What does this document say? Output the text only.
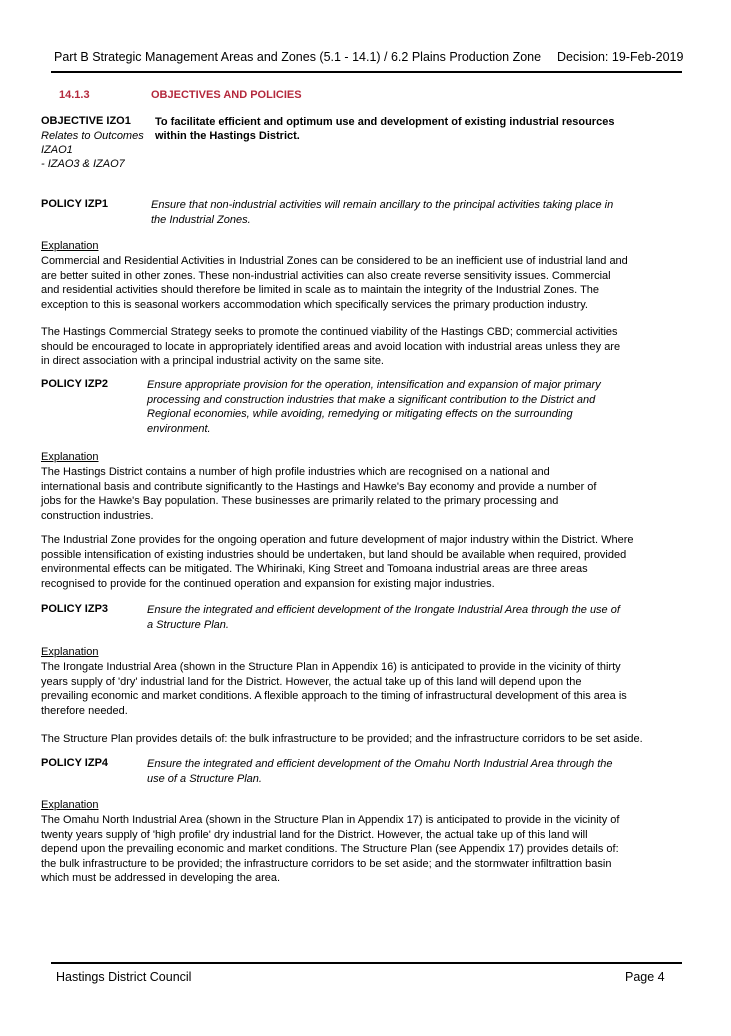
Part B Strategic Management Areas and Zones (5.1 - 14.1) / 6.2 Plains Production Zone Decision: 19-Feb-2019
14.1.3	OBJECTIVES AND POLICIES
OBJECTIVE IZO1 To facilitate efficient and optimum use and development of existing industrial resources
within the Hastings District.
Relates to Outcomes
IZAO1
- IZAO3 & IZAO7
POLICY IZP1	Ensure that non-industrial activities will remain ancillary to the principal activities taking place in
the Industrial Zones.
Explanation
Commercial and Residential Activities in Industrial Zones can be considered to be an inefficient use of industrial land and
are better suited in other zones. These non-industrial activities can also create reverse sensitivity issues. Commercial
and residential activities should therefore be limited in scale as to maintain the integrity of the Industrial Zones. The
exception to this is seasonal workers accommodation which specifically services the primary production industry.
The Hastings Commercial Strategy seeks to promote the continued viability of the Hastings CBD; commercial activities
should be encouraged to locate in appropriately identified areas and avoid location with industrial areas unless they are
in direct association with a principal industrial activity on the same site.
POLICY IZP2	Ensure appropriate provision for the operation, intensification and expansion of major primary
processing and construction industries that make a significant contribution to the District and
Regional economies, while avoiding, remedying or mitigating effects on the surrounding
environment.
Explanation
The Hastings District contains a number of high profile industries which are recognised on a national and
international basis and contribute significantly to the Hastings and Hawke's Bay economy and provide a number of
jobs for the Hawke's Bay population. These businesses are primarily related to the primary processing and
construction industries.
The Industrial Zone provides for the ongoing operation and future development of major industry within the District. Where
possible intensification of existing industries should be undertaken, but land should be available when required, provided
environmental effects can be mitigated. The Whirinaki, King Street and Tomoana industrial areas are three areas
recognised to provide for the continued operation and expansion for existing major industries.
POLICY IZP3	Ensure the integrated and efficient development of the Irongate Industrial Area through the use of
a Structure Plan.
Explanation
The Irongate Industrial Area (shown in the Structure Plan in Appendix 16) is anticipated to provide in the vicinity of thirty
years supply of 'dry' industrial land for the District. However, the actual take up of this land will depend upon the
prevailing economic and market conditions. A flexible approach to the timing of infrastructural development of this area is
therefore needed.
The Structure Plan provides details of: the bulk infrastructure to be provided; and the infrastructure corridors to be set aside.
POLICY IZP4	Ensure the integrated and efficient development of the Omahu North Industrial Area through the
use of a Structure Plan.
Explanation
The Omahu North Industrial Area (shown in the Structure Plan in Appendix 17) is anticipated to provide in the vicinity of
twenty years supply of 'high profile' dry industrial land for the District. However, the actual take up of this land will
depend upon the prevailing economic and market conditions. The Structure Plan (see Appendix 17) provides details of:
the bulk infrastructure to be provided; the infrastructure corridors to be set aside; and the stormwater infiltrattion basin
which must be addressed in developing the area.
Hastings District Council	Page 4
